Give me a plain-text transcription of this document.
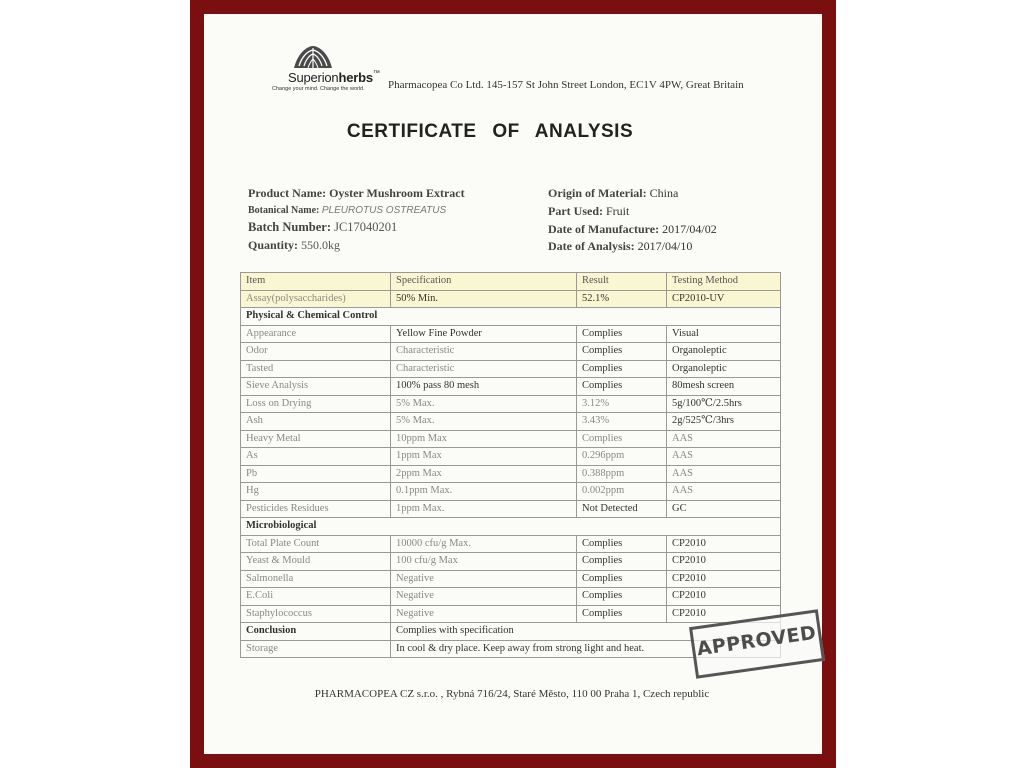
Superionherbs™
Change your mind. Change the world. Pharmacopea Co Ltd. 145-157 St John Street London, EC1V 4PW, Great Britain
CERTIFICATE OF ANALYSIS
Product Name: Oyster Mushroom Extract
Botanical Name: PLEUROTUS OSTREATUS
Batch Number: JC17040201
Quantity: 550.0kg
Origin of Material: China
Part Used: Fruit
Date of Manufacture: 2017/04/02
Date of Analysis: 2017/04/10
Item	Specification	Result	Testing Method
Assay(polysaccharides)	50% Min.	52.1%	CP2010-UV
Physical & Chemical Control			
Appearance	Yellow Fine Powder	Complies	Visual
Odor	Characteristic	Complies	Organoleptic
Tasted	Characteristic	Complies	Organoleptic
Sieve Analysis	100% pass 80 mesh	Complies	80mesh screen
Loss on Drying	5% Max.	3.12%	5g/100℃/2.5hrs
Ash	5% Max.	3.43%	2g/525℃/3hrs
Heavy Metal	10ppm Max	Complies	AAS
As	1ppm Max	0.296ppm	AAS
Pb	2ppm Max	0.388ppm	AAS
Hg	0.1ppm Max.	0.002ppm	AAS
Pesticides Residues	1ppm Max.	Not Detected	GC
Microbiological			
Total Plate Count	10000 cfu/g Max.	Complies	CP2010
Yeast & Mould	100 cfu/g Max	Complies	CP2010
Salmonella	Negative	Complies	CP2010
E.Coli	Negative	Complies	CP2010
Staphylococcus	Negative	Complies	CP2010
Conclusion	Complies with specification		
Storage	In cool & dry place. Keep away from strong light and heat.			APPROVED
PHARMACOPEA CZ s.r.o. , Rybná 716/24, Staré Město, 110 00 Praha 1, Czech republic
